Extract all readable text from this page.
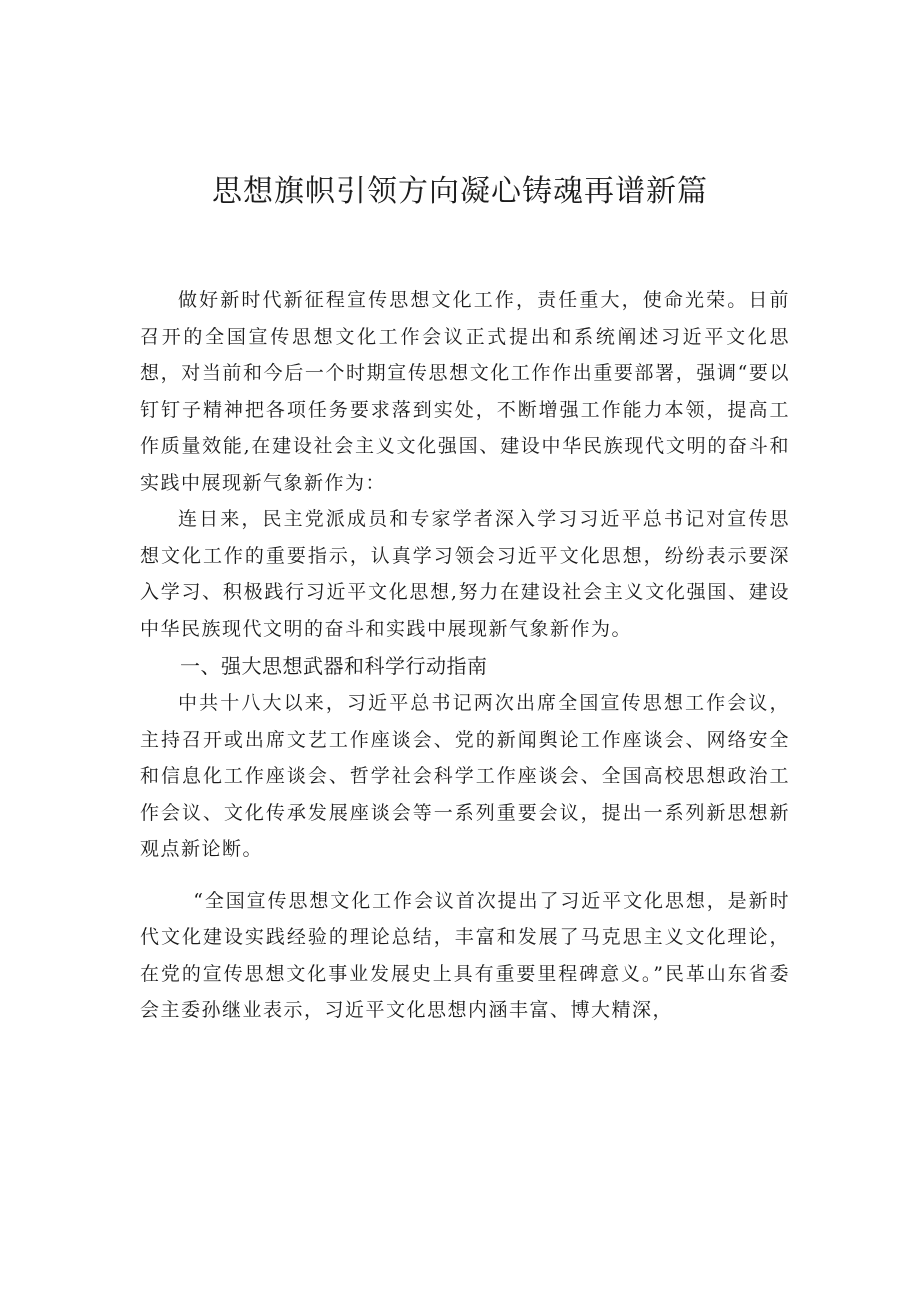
思想旗帜引领方向凝心铸魂再谱新篇

做好新时代新征程宣传思想文化工作，责任重大，使命光荣。日前召开的全国宣传思想文化工作会议正式提出和系统阐述习近平文化思想，对当前和今后一个时期宣传思想文化工作作出重要部署，强调“要以钉钉子精神把各项任务要求落到实处，不断增强工作能力本领，提高工作质量效能,在建设社会主义文化强国、建设中华民族现代文明的奋斗和实践中展现新气象新作为：

连日来，民主党派成员和专家学者深入学习习近平总书记对宣传思想文化工作的重要指示，认真学习领会习近平文化思想，纷纷表示要深入学习、积极践行习近平文化思想,努力在建设社会主义文化强国、建设中华民族现代文明的奋斗和实践中展现新气象新作为。

一、强大思想武器和科学行动指南

中共十八大以来，习近平总书记两次出席全国宣传思想工作会议，主持召开或出席文艺工作座谈会、党的新闻舆论工作座谈会、网络安全和信息化工作座谈会、哲学社会科学工作座谈会、全国高校思想政治工作会议、文化传承发展座谈会等一系列重要会议，提出一系列新思想新观点新论断。

“全国宣传思想文化工作会议首次提出了习近平文化思想，是新时代文化建设实践经验的理论总结，丰富和发展了马克思主义文化理论，在党的宣传思想文化事业发展史上具有重要里程碑意义。”民革山东省委会主委孙继业表示，习近平文化思想内涵丰富、博大精深，
